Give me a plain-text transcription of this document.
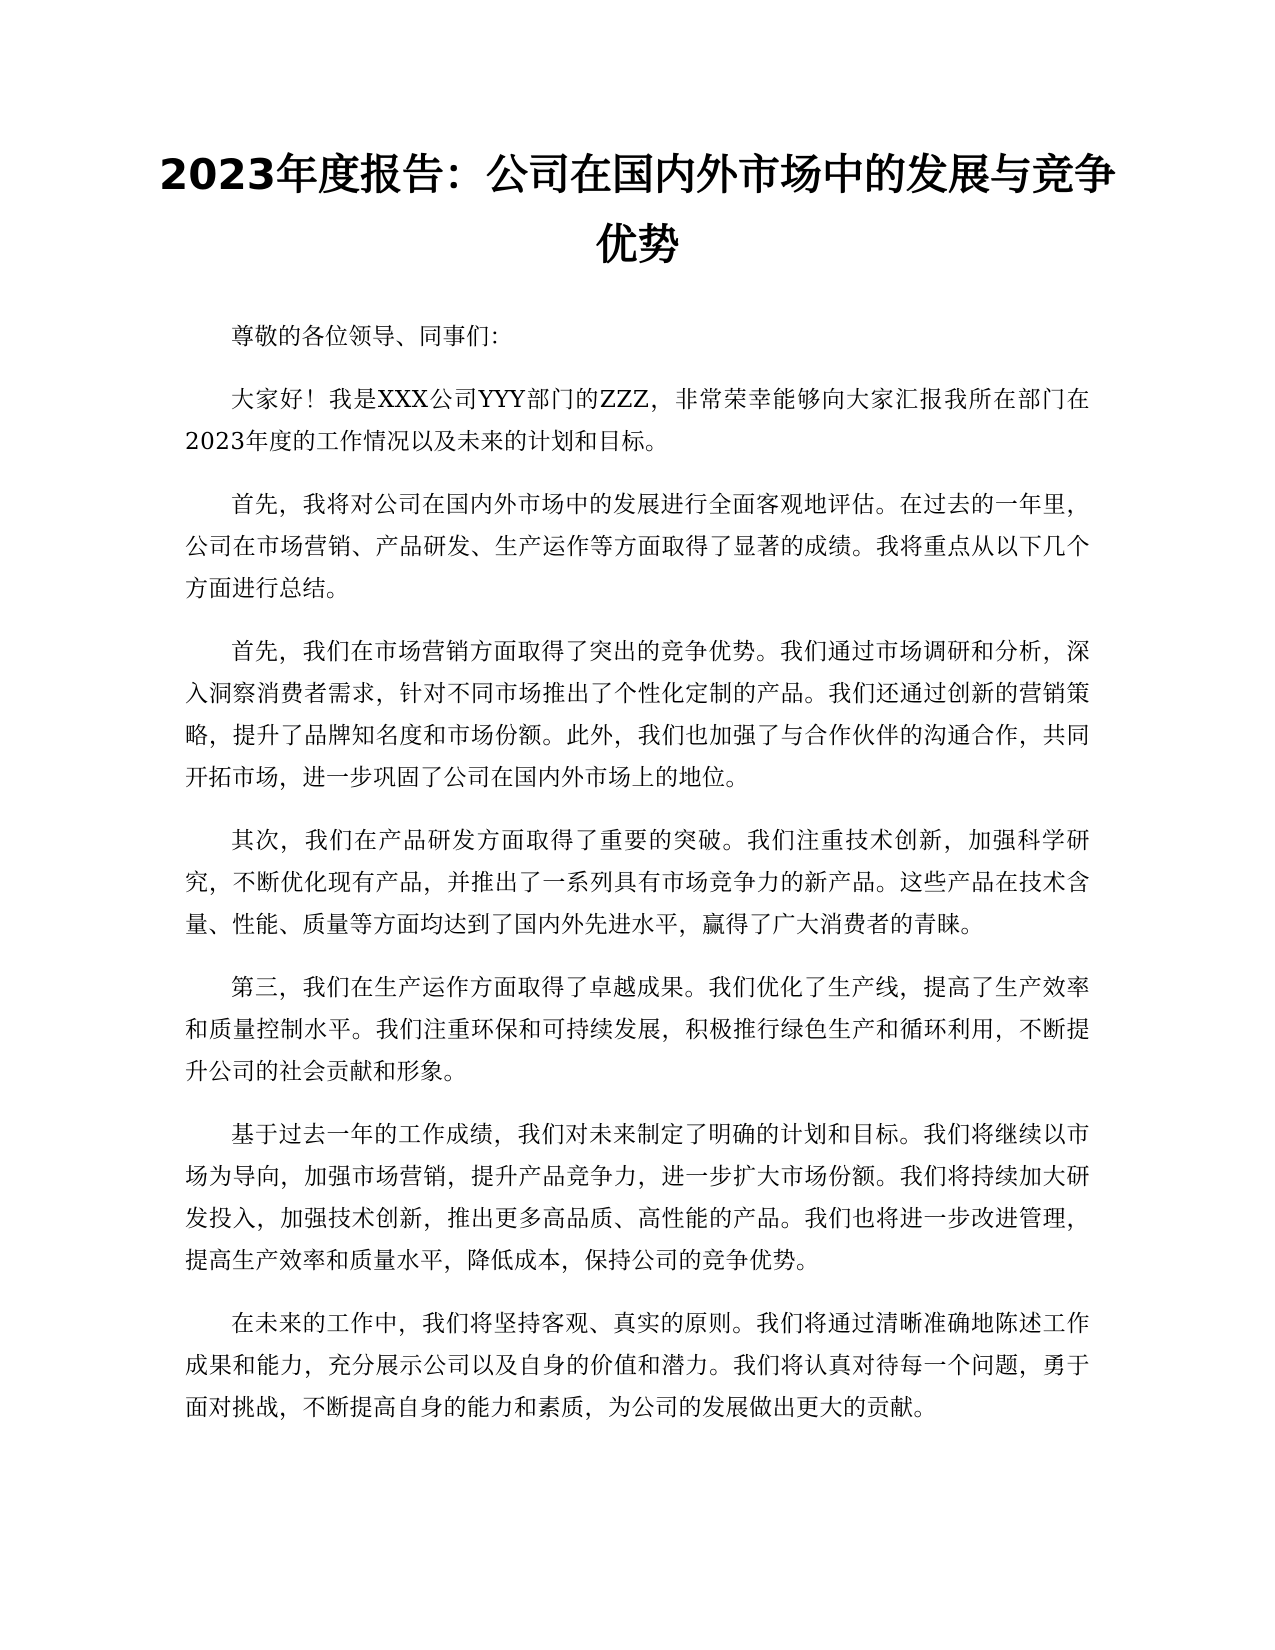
2023年度报告：公司在国内外市场中的发展与竞争优势

尊敬的各位领导、同事们：

大家好！我是XXX公司YYY部门的ZZZ，非常荣幸能够向大家汇报我所在部门在2023年度的工作情况以及未来的计划和目标。

首先，我将对公司在国内外市场中的发展进行全面客观地评估。在过去的一年里，公司在市场营销、产品研发、生产运作等方面取得了显著的成绩。我将重点从以下几个方面进行总结。

首先，我们在市场营销方面取得了突出的竞争优势。我们通过市场调研和分析，深入洞察消费者需求，针对不同市场推出了个性化定制的产品。我们还通过创新的营销策略，提升了品牌知名度和市场份额。此外，我们也加强了与合作伙伴的沟通合作，共同开拓市场，进一步巩固了公司在国内外市场上的地位。

其次，我们在产品研发方面取得了重要的突破。我们注重技术创新，加强科学研究，不断优化现有产品，并推出了一系列具有市场竞争力的新产品。这些产品在技术含量、性能、质量等方面均达到了国内外先进水平，赢得了广大消费者的青睐。

第三，我们在生产运作方面取得了卓越成果。我们优化了生产线，提高了生产效率和质量控制水平。我们注重环保和可持续发展，积极推行绿色生产和循环利用，不断提升公司的社会贡献和形象。

基于过去一年的工作成绩，我们对未来制定了明确的计划和目标。我们将继续以市场为导向，加强市场营销，提升产品竞争力，进一步扩大市场份额。我们将持续加大研发投入，加强技术创新，推出更多高品质、高性能的产品。我们也将进一步改进管理，提高生产效率和质量水平，降低成本，保持公司的竞争优势。

在未来的工作中，我们将坚持客观、真实的原则。我们将通过清晰准确地陈述工作成果和能力，充分展示公司以及自身的价值和潜力。我们将认真对待每一个问题，勇于面对挑战，不断提高自身的能力和素质，为公司的发展做出更大的贡献。
